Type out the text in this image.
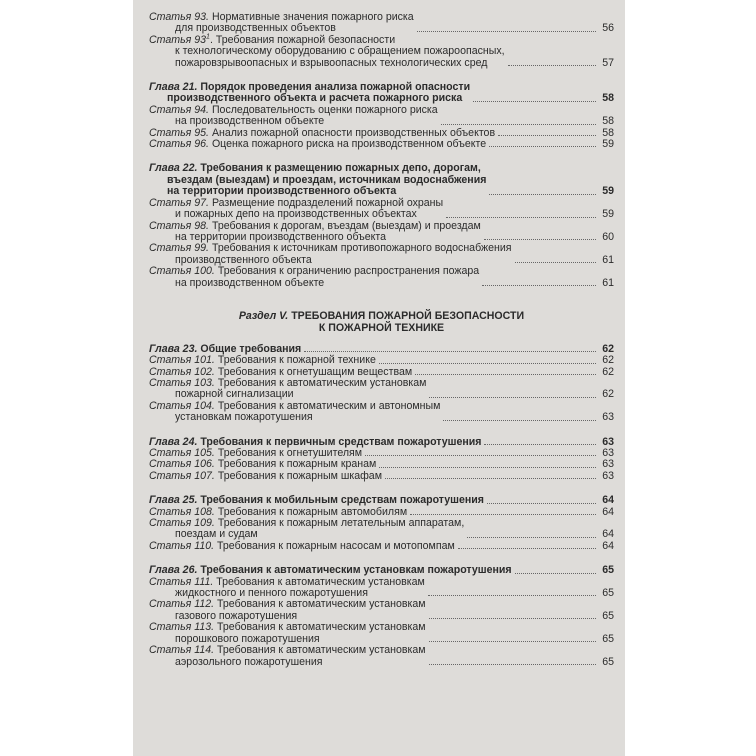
Статья 93. Нормативные значения пожарного риска
для производственных объектов	56
Статья $93^1$. Требования пожарной безопасности
к технологическому оборудованию с обращением пожароопасных,
пожаровзрывоопасных и взрывоопасных технологических сред	57
Глава 21. Порядок проведения анализа пожарной опасности
производственного объекта и расчета пожарного риска	58
Статья 94. Последовательность оценки пожарного риска
на производственном объекте	58
Статья 95. Анализ пожарной опасности производственных объектов	58
Статья 96. Оценка пожарного риска на производственном объекте	59
Глава 22. Требования к размещению пожарных депо, дорогам,
въездам (выездам) и проездам, источникам водоснабжения
на территории производственного объекта	59
Статья 97. Размещение подразделений пожарной охраны
и пожарных депо на производственных объектах	59
Статья 98. Требования к дорогам, въездам (выездам) и проездам
на территории производственного объекта	60
Статья 99. Требования к источникам противопожарного водоснабжения
производственного объекта	61
Статья 100. Требования к ограничению распространения пожара
на производственном объекте	61
Раздел V. ТРЕБОВАНИЯ ПОЖАРНОЙ БЕЗОПАСНОСТИ
К ПОЖАРНОЙ ТЕХНИКЕ
Глава 23. Общие требования	62
Статья 101. Требования к пожарной технике	62
Статья 102. Требования к огнетушащим веществам	62
Статья 103. Требования к автоматическим установкам
пожарной сигнализации	62
Статья 104. Требования к автоматическим и автономным
установкам пожаротушения	63
Глава 24. Требования к первичным средствам пожаротушения	63
Статья 105. Требования к огнетушителям	63
Статья 106. Требования к пожарным кранам	63
Статья 107. Требования к пожарным шкафам	63
Глава 25. Требования к мобильным средствам пожаротушения	64
Статья 108. Требования к пожарным автомобилям	64
Статья 109. Требования к пожарным летательным аппаратам,
поездам и судам	64
Статья 110. Требования к пожарным насосам и мотопомпам	64
Глава 26. Требования к автоматическим установкам пожаротушения	65
Статья 111. Требования к автоматическим установкам
жидкостного и пенного пожаротушения	65
Статья 112. Требования к автоматическим установкам
газового пожаротушения	65
Статья 113. Требования к автоматическим установкам
порошкового пожаротушения	65
Статья 114. Требования к автоматическим установкам
аэрозольного пожаротушения	65
